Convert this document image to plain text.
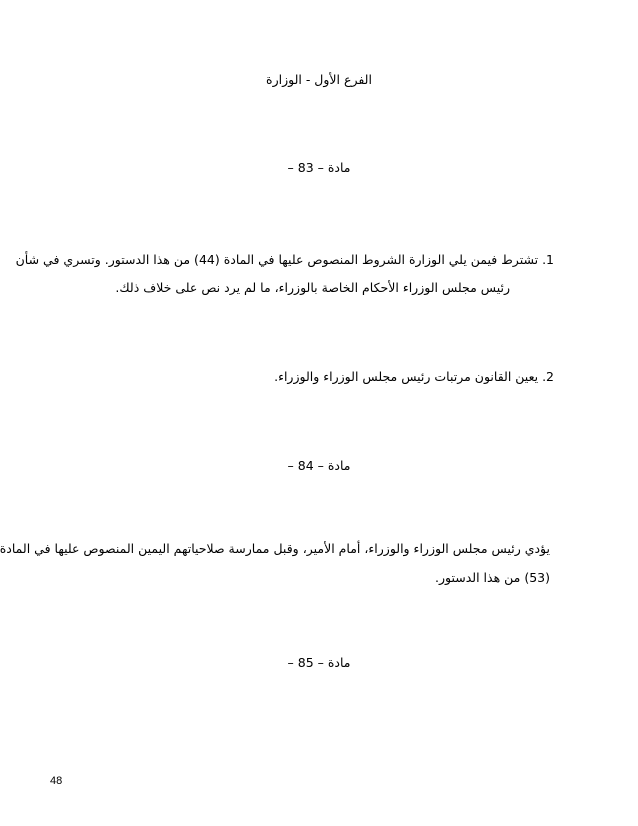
الفرع الأول - الوزارة
مادة – 83 –
1. تشترط فيمن يلي الوزارة الشروط المنصوص عليها في المادة (44) من هذا الدستور. وتسري في شأن
رئيس مجلس الوزراء الأحكام الخاصة بالوزراء، ما لم يرد نص على خلاف ذلك.
2. يعين القانون مرتبات رئيس مجلس الوزراء والوزراء.
مادة – 84 –
يؤدي رئيس مجلس الوزراء والوزراء، أمام الأمير، وقبل ممارسة صلاحياتهم اليمين المنصوص عليها في المادة
(53) من هذا الدستور.
مادة – 85 –
48
